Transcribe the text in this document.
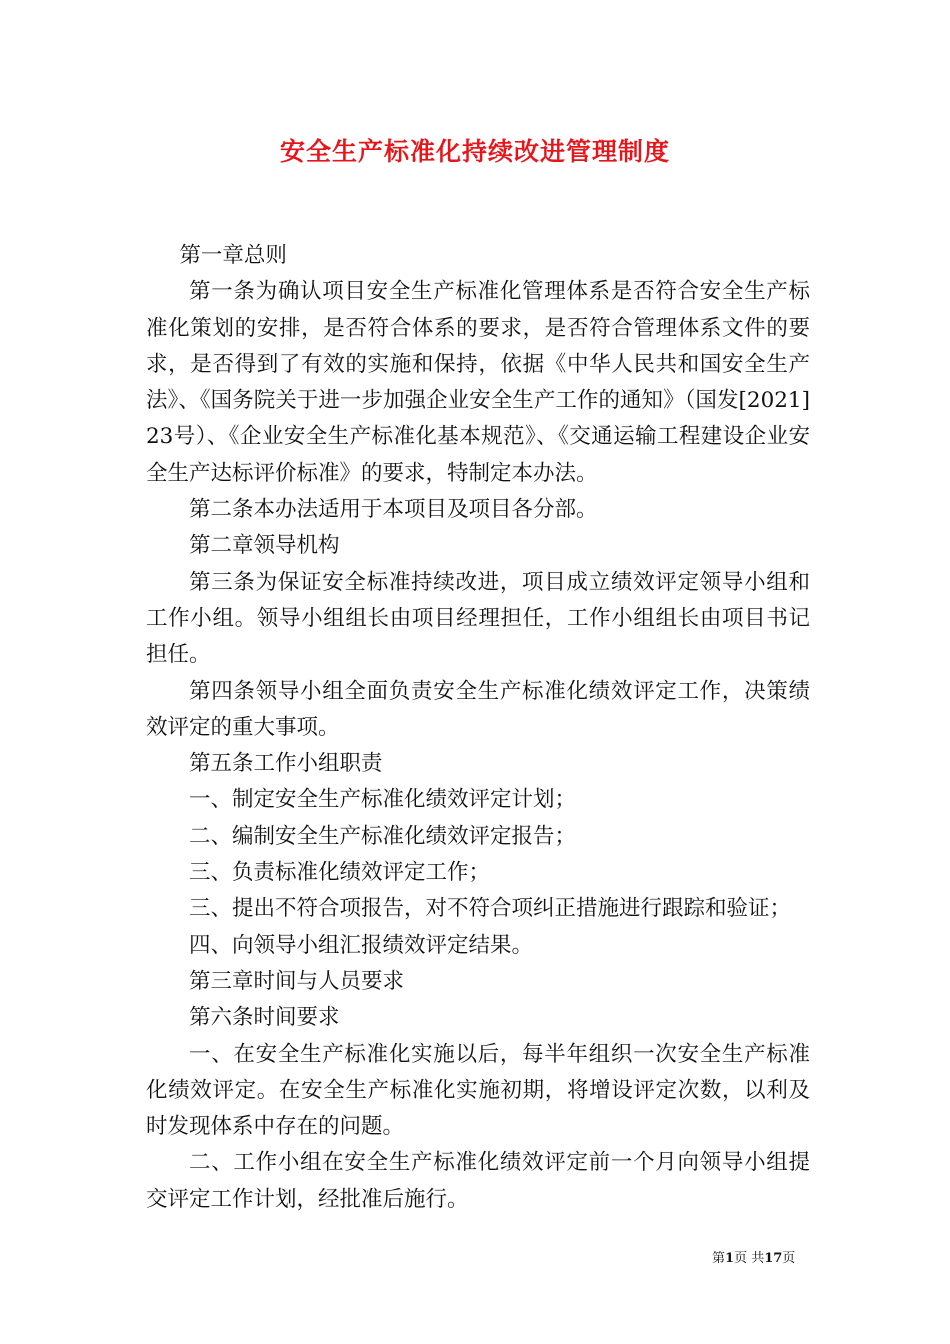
安全生产标准化持续改进管理制度

第一章总则

第一条为确认项目安全生产标准化管理体系是否符合安全生产标准化策划的安排，是否符合体系的要求，是否符合管理体系文件的要求，是否得到了有效的实施和保持，依据《中华人民共和国安全生产法》、《国务院关于进一步加强企业安全生产工作的通知》（国发[2021]23号）、《企业安全生产标准化基本规范》、《交通运输工程建设企业安全生产达标评价标准》的要求，特制定本办法。

第二条本办法适用于本项目及项目各分部。

第二章领导机构

第三条为保证安全标准持续改进，项目成立绩效评定领导小组和工作小组。领导小组组长由项目经理担任，工作小组组长由项目书记担任。

第四条领导小组全面负责安全生产标准化绩效评定工作，决策绩效评定的重大事项。

第五条工作小组职责

一、制定安全生产标准化绩效评定计划；

二、编制安全生产标准化绩效评定报告；

三、负责标准化绩效评定工作；

三、提出不符合项报告，对不符合项纠正措施进行跟踪和验证；

四、向领导小组汇报绩效评定结果。

第三章时间与人员要求

第六条时间要求

一、在安全生产标准化实施以后，每半年组织一次安全生产标准化绩效评定。在安全生产标准化实施初期，将增设评定次数，以利及时发现体系中存在的问题。

二、工作小组在安全生产标准化绩效评定前一个月向领导小组提交评定工作计划，经批准后施行。

第1页 共17页
